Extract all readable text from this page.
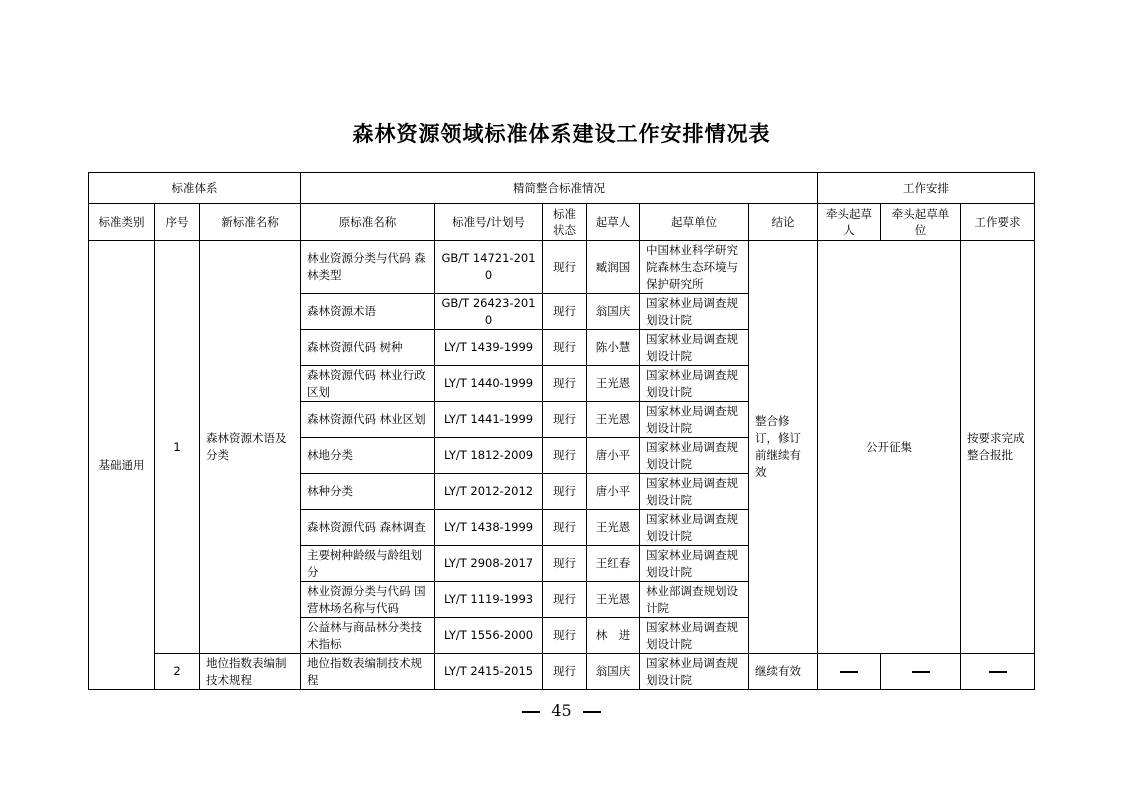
森林资源领域标准体系建设工作安排情况表
标准体系			精简整合标准情况						工作安排		
标准类别	序号	新标准名称	原标准名称	标准号/计划号	标准状态	起草人	起草单位	结论	牵头起草人	牵头起草单位	工作要求
基础通用	1	森林资源术语及分类	林业资源分类与代码 森林类型	GB/T 14721-2010	现行	臧润国	中国林业科学研究院森林生态环境与保护研究所	整合修订，修订前继续有效	公开征集		按要求完成整合报批
			森林资源术语	GB/T 26423-2010	现行	翁国庆	国家林业局调查规划设计院				
			森林资源代码 树种	LY/T 1439-1999	现行	陈小慧	国家林业局调查规划设计院				
			森林资源代码 林业行政区划	LY/T 1440-1999	现行	王光恩	国家林业局调查规划设计院				
			森林资源代码 林业区划	LY/T 1441-1999	现行	王光恩	国家林业局调查规划设计院				
			林地分类	LY/T 1812-2009	现行	唐小平	国家林业局调查规划设计院				
			林种分类	LY/T 2012-2012	现行	唐小平	国家林业局调查规划设计院				
			森林资源代码 森林调查	LY/T 1438-1999	现行	王光恩	国家林业局调查规划设计院				
			主要树种龄级与龄组划分	LY/T 2908-2017	现行	王红春	国家林业局调查规划设计院				
			林业资源分类与代码 国营林场名称与代码	LY/T 1119-1993	现行	王光恩	林业部调查规划设计院				
			公益林与商品林分类技术指标	LY/T 1556-2000	现行	林　进	国家林业局调查规划设计院				
	2	地位指数表编制技术规程	地位指数表编制技术规程	LY/T 2415-2015	现行	翁国庆	国家林业局调查规划设计院	继续有效			
45
